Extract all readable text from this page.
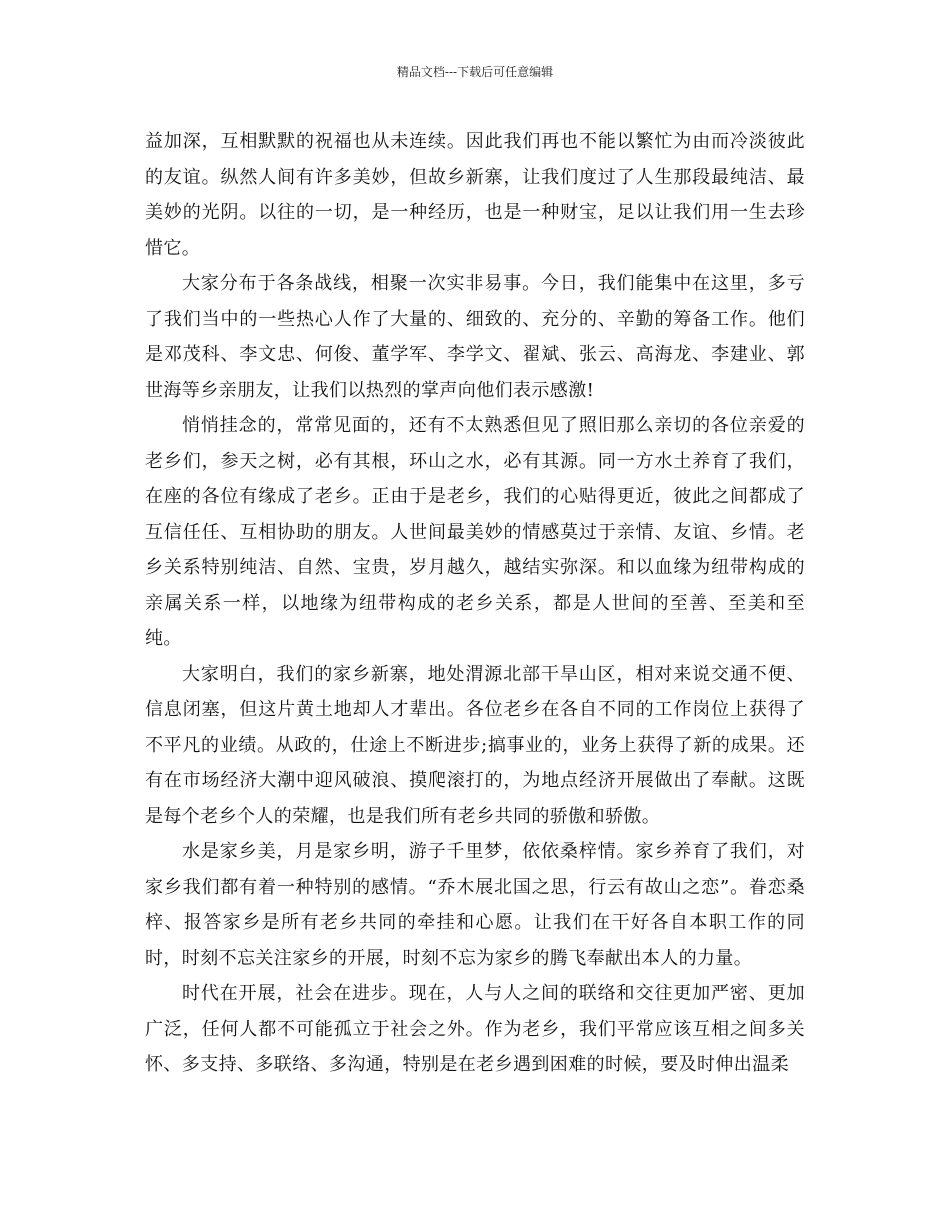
精品文档---下载后可任意编辑

益加深，互相默默的祝福也从未连续。因此我们再也不能以繁忙为由而冷淡彼此的友谊。纵然人间有许多美妙，但故乡新寨，让我们度过了人生那段最纯洁、最美妙的光阴。以往的一切，是一种经历，也是一种财宝，足以让我们用一生去珍惜它。

大家分布于各条战线，相聚一次实非易事。今日，我们能集中在这里，多亏了我们当中的一些热心人作了大量的、细致的、充分的、辛勤的筹备工作。他们是邓茂科、李文忠、何俊、董学军、李学文、翟斌、张云、高海龙、李建业、郭世海等乡亲朋友，让我们以热烈的掌声向他们表示感激!

悄悄挂念的，常常见面的，还有不太熟悉但见了照旧那么亲切的各位亲爱的老乡们，参天之树，必有其根，环山之水，必有其源。同一方水土养育了我们，在座的各位有缘成了老乡。正由于是老乡，我们的心贴得更近，彼此之间都成了互信任任、互相协助的朋友。人世间最美妙的情感莫过于亲情、友谊、乡情。老乡关系特别纯洁、自然、宝贵，岁月越久，越结实弥深。和以血缘为纽带构成的亲属关系一样，以地缘为纽带构成的老乡关系，都是人世间的至善、至美和至纯。

大家明白，我们的家乡新寨，地处渭源北部干旱山区，相对来说交通不便、信息闭塞，但这片黄土地却人才辈出。各位老乡在各自不同的工作岗位上获得了不平凡的业绩。从政的，仕途上不断进步;搞事业的，业务上获得了新的成果。还有在市场经济大潮中迎风破浪、摸爬滚打的，为地点经济开展做出了奉献。这既是每个老乡个人的荣耀，也是我们所有老乡共同的骄傲和骄傲。

水是家乡美，月是家乡明，游子千里梦，依依桑梓情。家乡养育了我们，对家乡我们都有着一种特别的感情。“乔木展北国之思，行云有故山之恋”。眷恋桑梓、报答家乡是所有老乡共同的牵挂和心愿。让我们在干好各自本职工作的同时，时刻不忘关注家乡的开展，时刻不忘为家乡的腾飞奉献出本人的力量。

时代在开展，社会在进步。现在，人与人之间的联络和交往更加严密、更加广泛，任何人都不可能孤立于社会之外。作为老乡，我们平常应该互相之间多关怀、多支持、多联络、多沟通，特别是在老乡遇到困难的时候，要及时伸出温柔
